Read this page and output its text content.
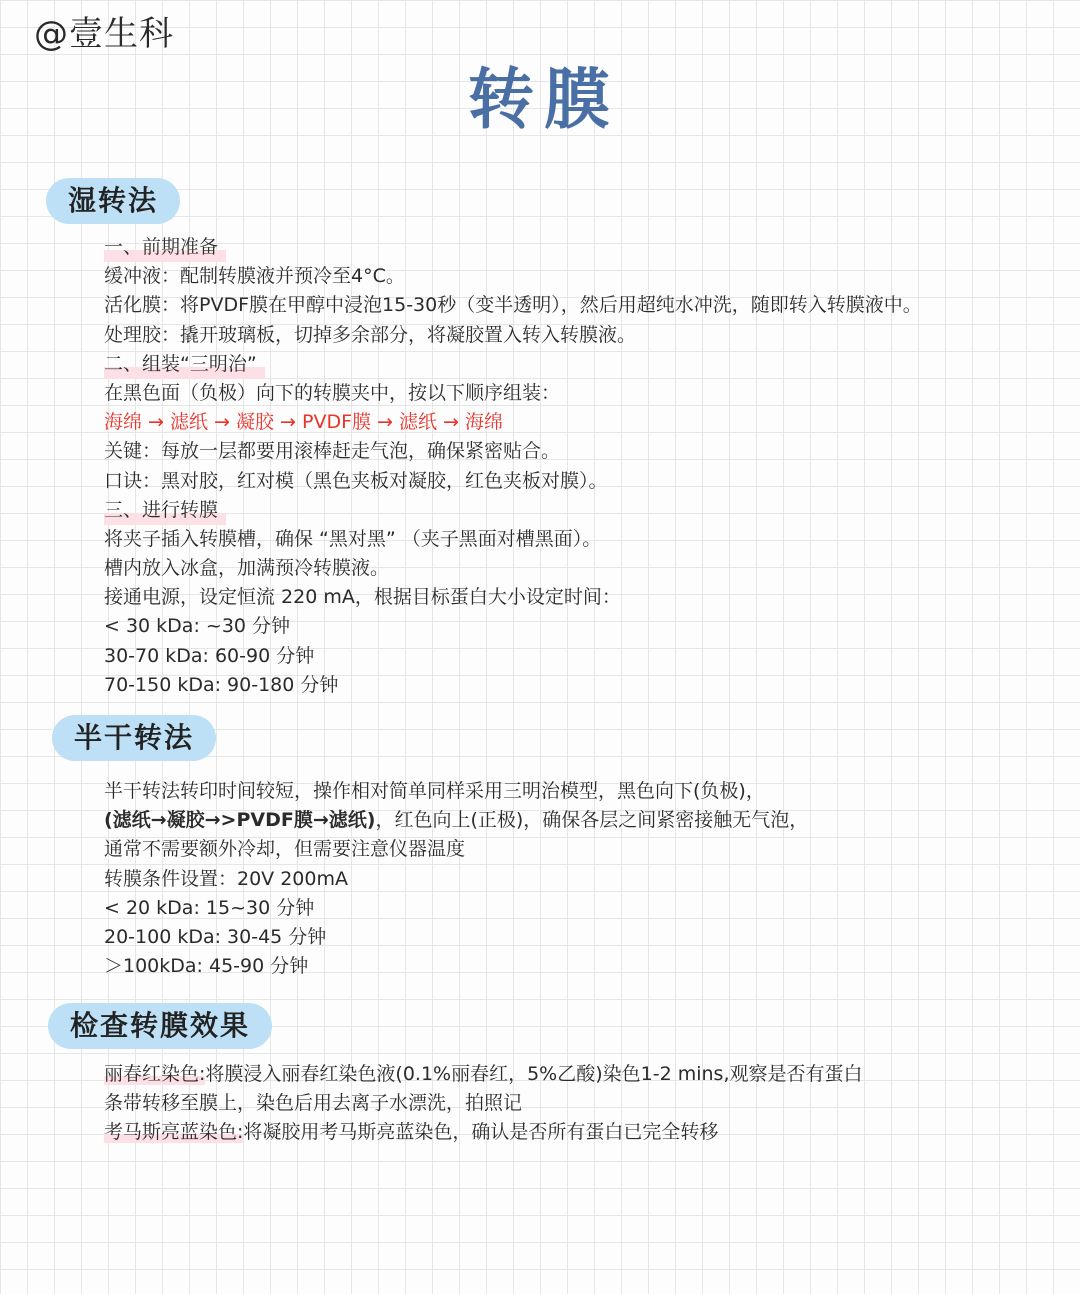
@壹生科
转膜
湿转法
一、前期准备
缓冲液：配制转膜液并预冷至4°C。
活化膜：将PVDF膜在甲醇中浸泡15-30秒（变半透明），然后用超纯水冲洗，随即转入转膜液中。
处理胶：撬开玻璃板，切掉多余部分，将凝胶置入转入转膜液。
二、组装“三明治”
在黑色面（负极）向下的转膜夹中，按以下顺序组装：
海绵 → 滤纸 → 凝胶 → PVDF膜 → 滤纸 → 海绵
关键：每放一层都要用滚棒赶走气泡，确保紧密贴合。
口诀：黑对胶，红对模（黑色夹板对凝胶，红色夹板对膜）。
三、进行转膜
将夹子插入转膜槽，确保 “黑对黑” （夹子黑面对槽黑面）。
槽内放入冰盒，加满预冷转膜液。
接通电源，设定恒流 220 mA，根据目标蛋白大小设定时间：
< 30 kDa: ~30 分钟
30-70 kDa: 60-90 分钟
70-150 kDa: 90-180 分钟
半干转法
半干转法转印时间较短，操作相对简单同样采用三明治模型，黑色向下(负极)，
(滤纸→凝胶→>PVDF膜→滤纸)，红色向上(正极)，确保各层之间紧密接触无气泡，
通常不需要额外冷却，但需要注意仪器温度
转膜条件设置：20V 200mA
< 20 kDa: 15~30 分钟
20-100 kDa: 30-45 分钟
＞100kDa: 45-90 分钟
检查转膜效果
丽春红染色:将膜浸入丽春红染色液(0.1%丽春红，5%乙酸)染色1-2 mins,观察是否有蛋白
条带转移至膜上，染色后用去离子水漂洗，拍照记
考马斯亮蓝染色:将凝胶用考马斯亮蓝染色，确认是否所有蛋白已完全转移
